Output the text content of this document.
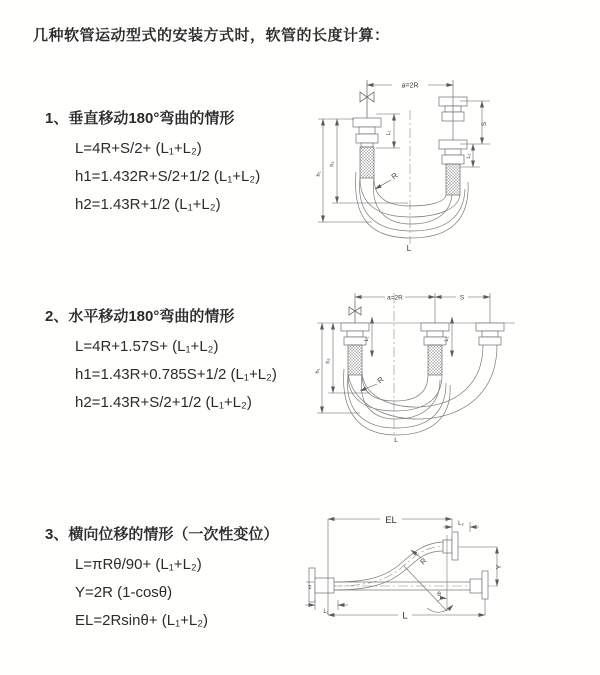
几种软管运动型式的安装方式时，软管的长度计算：
1、垂直移动180°弯曲的情形
L=4R+S/2+ (L₁+L₂)
h1=1.432R+S/2+1/2 (L₁+L₂)
h2=1.43R+1/2 (L₁+L₂)
2、水平移动180°弯曲的情形
L=4R+1.57S+ (L₁+L₂)
h1=1.43R+0.785S+1/2 (L₁+L₂)
h2=1.43R+S/2+1/2 (L₁+L₂)
3、横向位移的情形（一次性变位）
L=πRθ/90+ (L₁+L₂)
Y=2R (1-cosθ)
EL=2Rsinθ+ (L₁+L₂)
a=2R
S
L₂
L₁
h₁
h₂
R
L
a=2R	S
L₁	L₂
h₁
h₂
R
L
EL	L₂
Y
R
θ
L₁	L
z
